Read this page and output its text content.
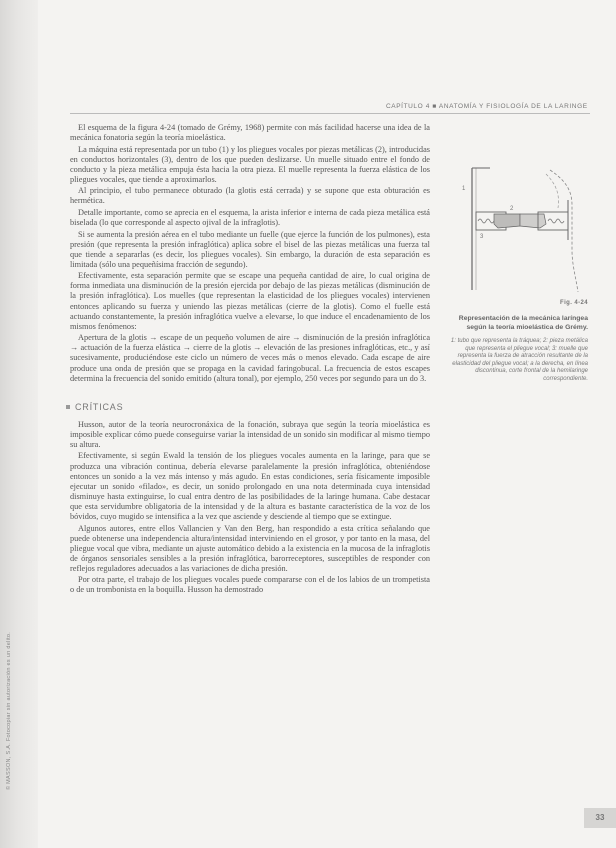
© MASSON, S.A. Fotocopiar sin autorización es un delito.
CAPÍTULO 4 ■ ANATOMÍA Y FISIOLOGÍA DE LA LARINGE

El esquema de la figura 4-24 (tomado de Grémy, 1968) permite con más facilidad hacerse una idea de la mecánica fonatoria según la teoría mioelástica.

La máquina está representada por un tubo (1) y los pliegues vocales por piezas metálicas (2), introducidas en conductos horizontales (3), dentro de los que pueden deslizarse. Un muelle situado entre el fondo de conducto y la pieza metálica empuja ésta hacia la otra pieza. El muelle representa la fuerza elástica de los pliegues vocales, que tiende a aproximarlos.

Al principio, el tubo permanece obturado (la glotis está cerrada) y se supone que esta obturación es hermética.

Detalle importante, como se aprecia en el esquema, la arista inferior e interna de cada pieza metálica está biselada (lo que corresponde al aspecto ojival de la infraglotis).

Si se aumenta la presión aérea en el tubo mediante un fuelle (que ejerce la función de los pulmones), esta presión (que representa la presión infraglótica) aplica sobre el bisel de las piezas metálicas una fuerza tal que tiende a separarlas (es decir, los pliegues vocales). Sin embargo, la duración de esta separación es limitada (sólo una pequeñísima fracción de segundo).

Efectivamente, esta separación permite que se escape una pequeña cantidad de aire, lo cual origina de forma inmediata una disminución de la presión ejercida por debajo de las piezas metálicas (disminución de la presión infraglótica). Los muelles (que representan la elasticidad de los pliegues vocales) intervienen entonces aplicando su fuerza y uniendo las piezas metálicas (cierre de la glotis). Como el fuelle está actuando constantemente, la presión infraglótica vuelve a elevarse, lo que induce el encadenamiento de los mismos fenómenos:

Apertura de la glotis → escape de un pequeño volumen de aire → disminución de la presión infraglótica → actuación de la fuerza elástica → cierre de la glotis → elevación de las presiones infraglóticas, etc., y así sucesivamente, produciéndose este ciclo un número de veces más o menos elevado. Cada escape de aire produce una onda de presión que se propaga en la cavidad faringobucal. La frecuencia de estos escapes determina la frecuencia del sonido emitido (altura tonal), por ejemplo, 250 veces por segundo para un do 3.

CRÍTICAS

Husson, autor de la teoría neurocronáxica de la fonación, subraya que según la teoría mioelástica es imposible explicar cómo puede conseguirse variar la intensidad de un sonido sin modificar al mismo tiempo su altura.

Efectivamente, si según Ewald la tensión de los pliegues vocales aumenta en la laringe, para que se produzca una vibración continua, debería elevarse paralelamente la presión infraglótica, obteniéndose entonces un sonido a la vez más intenso y más agudo. En estas condiciones, sería físicamente imposible ejecutar un sonido «filado», es decir, un sonido prolongado en una nota determinada cuya intensidad disminuye hasta extinguirse, lo cual entra dentro de las posibilidades de la laringe humana. Cabe destacar que esta servidumbre obligatoria de la intensidad y de la altura es bastante característica de la voz de los bóvidos, cuyo mugido se intensifica a la vez que asciende y desciende al tiempo que se extingue.

Algunos autores, entre ellos Vallancien y Van den Berg, han respondido a esta crítica señalando que puede obtenerse una independencia altura/intensidad interviniendo en el grosor, y por tanto en la masa, del pliegue vocal que vibra, mediante un ajuste automático debido a la existencia en la mucosa de la infraglotis de órganos sensoriales sensibles a la presión infraglótica, barorreceptores, susceptibles de responder con reflejos reguladores adecuados a las variaciones de dicha presión.

Por otra parte, el trabajo de los pliegues vocales puede compararse con el de los labios de un trompetista o de un trombonista en la boquilla. Husson ha demostrado

1
2
3
Fig. 4-24
Representación de la mecánica laríngea según la teoría mioelástica de Grémy.
1: tubo que representa la tráquea; 2: pieza metálica que representa el pliegue vocal; 3: muelle que representa la fuerza de atracción resultante de la elasticidad del pliegue vocal; a la derecha, en línea discontinua, corte frontal de la hemilaringe correspondiente.
33
